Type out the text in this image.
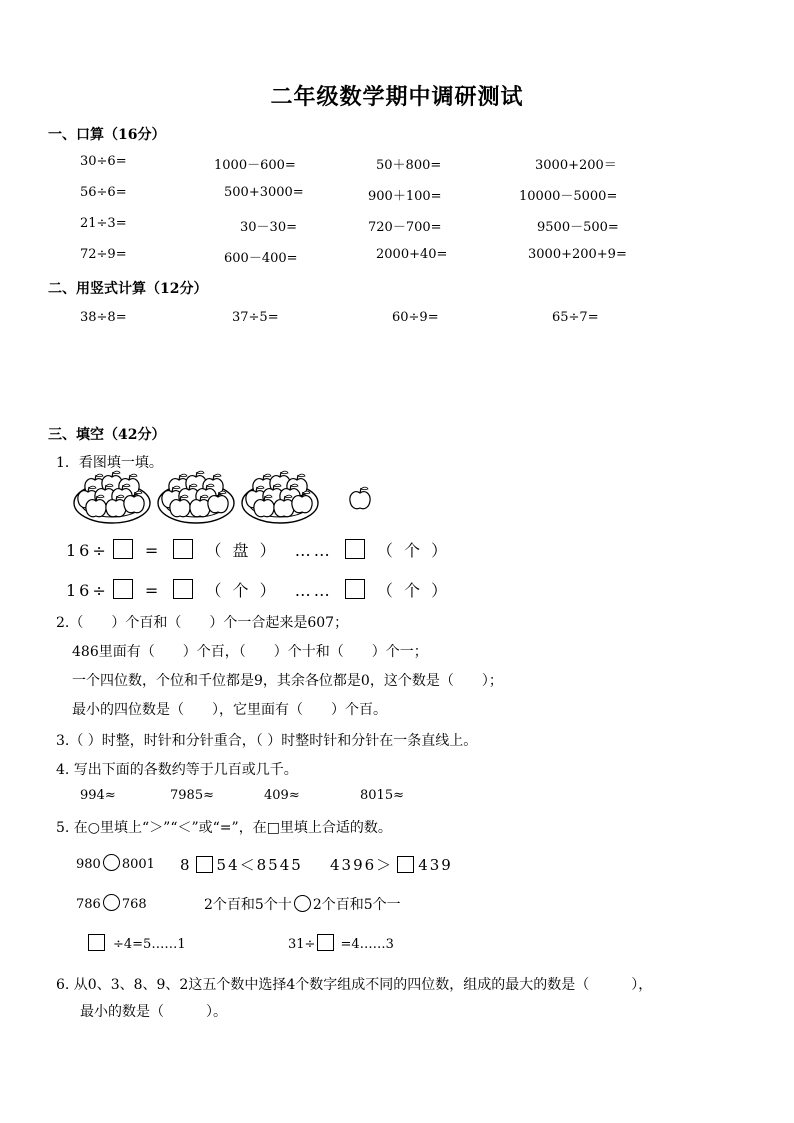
二年级数学期中调研测试
一、口算（16分）
30÷6=	1000－600=	50＋800=	3000+200＝
56÷6=	500+3000=	900＋100=	10000－5000=
21÷3=	30－30=	720－700=	9500－500=
72÷9=	600－400=	2000+40=	3000+200+9=
二、用竖式计算（12分）
38÷8=	37÷5=	60÷9=	65÷7=
三、填空（42分）
1．看图填一填。
16÷ =	（ 盘 ） ……	（ 个 ）
16÷ =	（ 个 ） ……	（ 个 ）
2.（　　）个百和（　　）个一合起来是607；
486里面有（　　）个百，（　　）个十和（　　）个一；
一个四位数，个位和千位都是9，其余各位都是0，这个数是（　　）；
最小的四位数是（　　），它里面有（　　）个百。
3.（ ）时整，时针和分针重合，（ ）时整时针和分针在一条直线上。
4. 写出下面的各数约等于几百或几千。
994≈	7985≈	409≈	8015≈
5. 在○里填上“＞”“＜”或“=”，在□里填上合适的数。
980 8001 8 54＜8545 4396＞ 439
786 768	2个百和5个十 2个百和5个一
÷4=5……1	31÷ =4……3
6. 从0、3、8、9、2这五个数中选择4个数字组成不同的四位数，组成的最大的数是（　　　），
最小的数是（　　　）。
